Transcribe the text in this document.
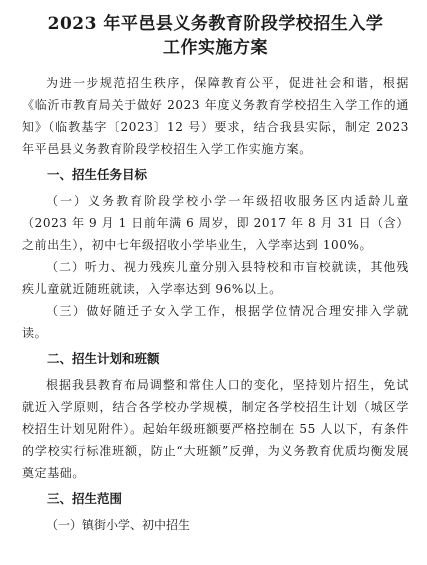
2023 年平邑县义务教育阶段学校招生入学
工作实施方案

为进一步规范招生秩序，保障教育公平，促进社会和谐，根据《临沂市教育局关于做好 2023 年度义务教育学校招生入学工作的通知》（临教基字〔2023〕12 号）要求，结合我县实际，制定 2023 年平邑县义务教育阶段学校招生入学工作实施方案。

一、招生任务目标

（一）义务教育阶段学校小学一年级招收服务区内适龄儿童（2023 年 9 月 1 日前年满 6 周岁，即 2017 年 8 月 31 日（含）之前出生），初中七年级招收小学毕业生，入学率达到 100%。

（二）听力、视力残疾儿童分别入县特校和市盲校就读，其他残疾儿童就近随班就读，入学率达到 96%以上。

（三）做好随迁子女入学工作，根据学位情况合理安排入学就读。

二、招生计划和班额

根据我县教育布局调整和常住人口的变化，坚持划片招生，免试就近入学原则，结合各学校办学规模，制定各学校招生计划（城区学校招生计划见附件）。起始年级班额要严格控制在 55 人以下，有条件的学校实行标准班额，防止“大班额”反弹，为义务教育优质均衡发展奠定基础。

三、招生范围
（一）镇街小学、初中招生
